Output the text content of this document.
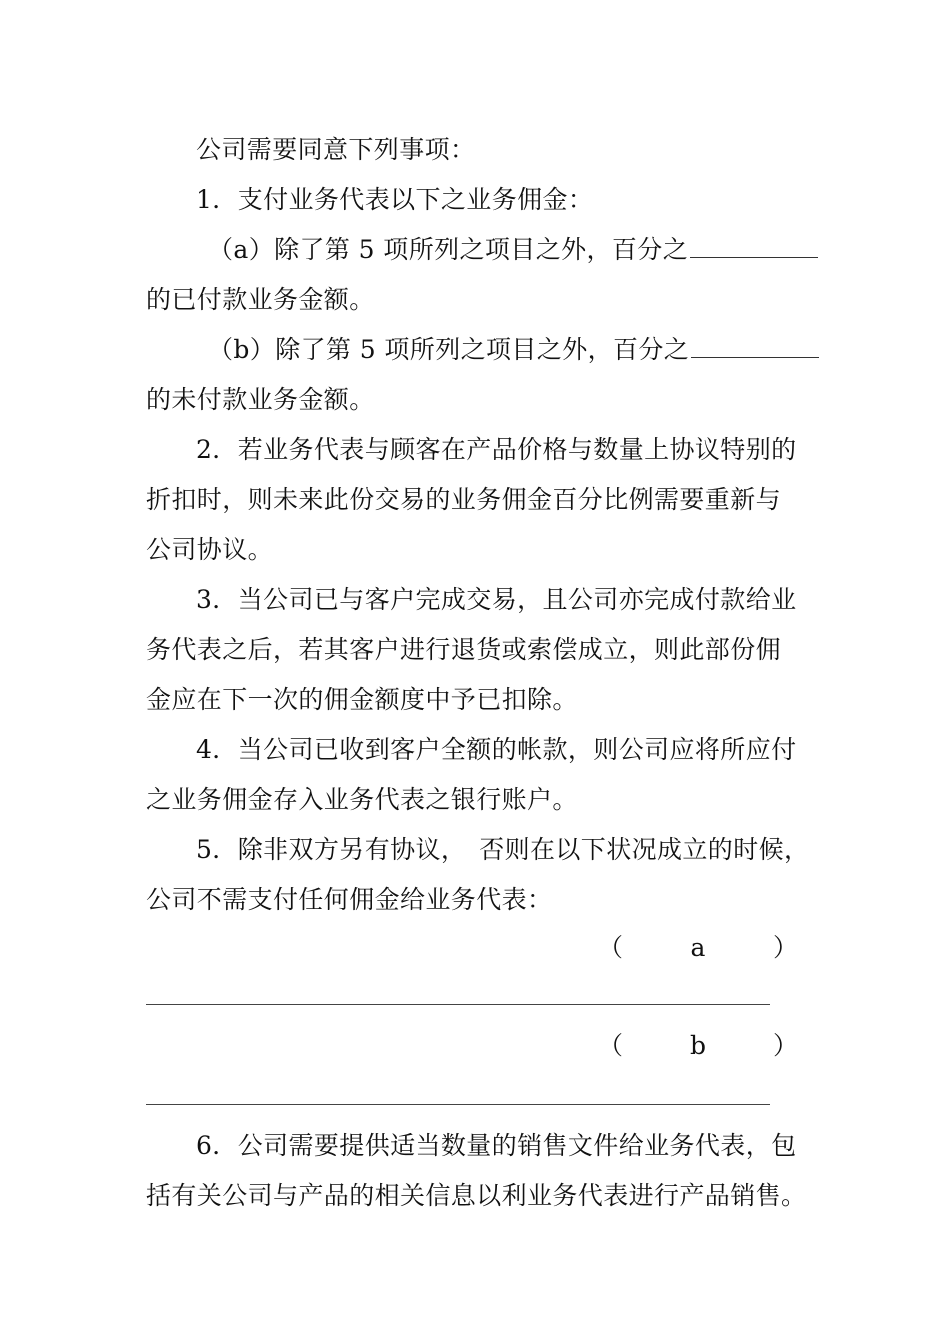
公司需要同意下列事项：
1．支付业务代表以下之业务佣金：
（a）除了第 5 项所列之项目之外，百分之
的已付款业务金额。
（b）除了第 5 项所列之项目之外，百分之
的未付款业务金额。
2．若业务代表与顾客在产品价格与数量上协议特别的
折扣时，则未来此份交易的业务佣金百分比例需要重新与
公司协议。
3．当公司已与客户完成交易，且公司亦完成付款给业
务代表之后，若其客户进行退货或索偿成立，则此部份佣
金应在下一次的佣金额度中予已扣除。
4．当公司已收到客户全额的帐款，则公司应将所应付
之业务佣金存入业务代表之银行账户。
5．除非双方另有协议，　否则在以下状况成立的时候，
公司不需支付任何佣金给业务代表：
（	a	）
（	b	）
6．公司需要提供适当数量的销售文件给业务代表，包
括有关公司与产品的相关信息以利业务代表进行产品销售。
